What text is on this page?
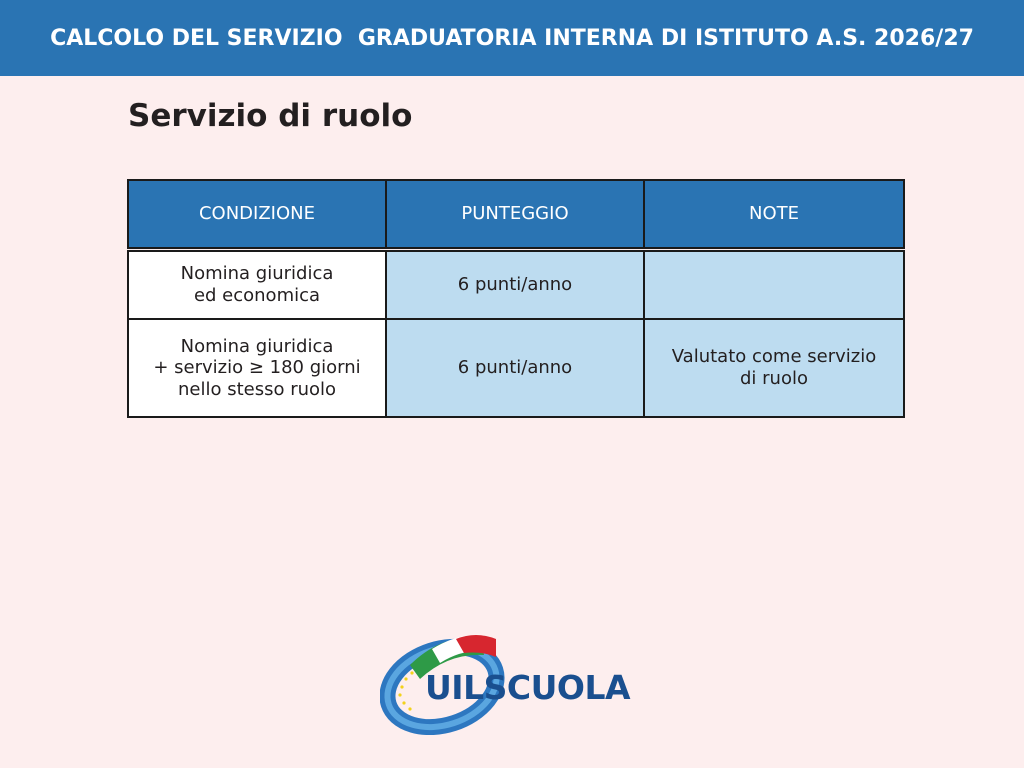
CALCOLO DEL SERVIZIO  GRADUATORIA INTERNA DI ISTITUTO A.S. 2026/27
Servizio di ruolo
CONDIZIONE	PUNTEGGIO	NOTE
Nomina giuridica
ed economica
6 punti/anno
Nomina giuridica
+ servizio ≥ 180 giorni
nello stesso ruolo
6 punti/anno
Valutato come servizio
di ruolo
UILSCUOLA
